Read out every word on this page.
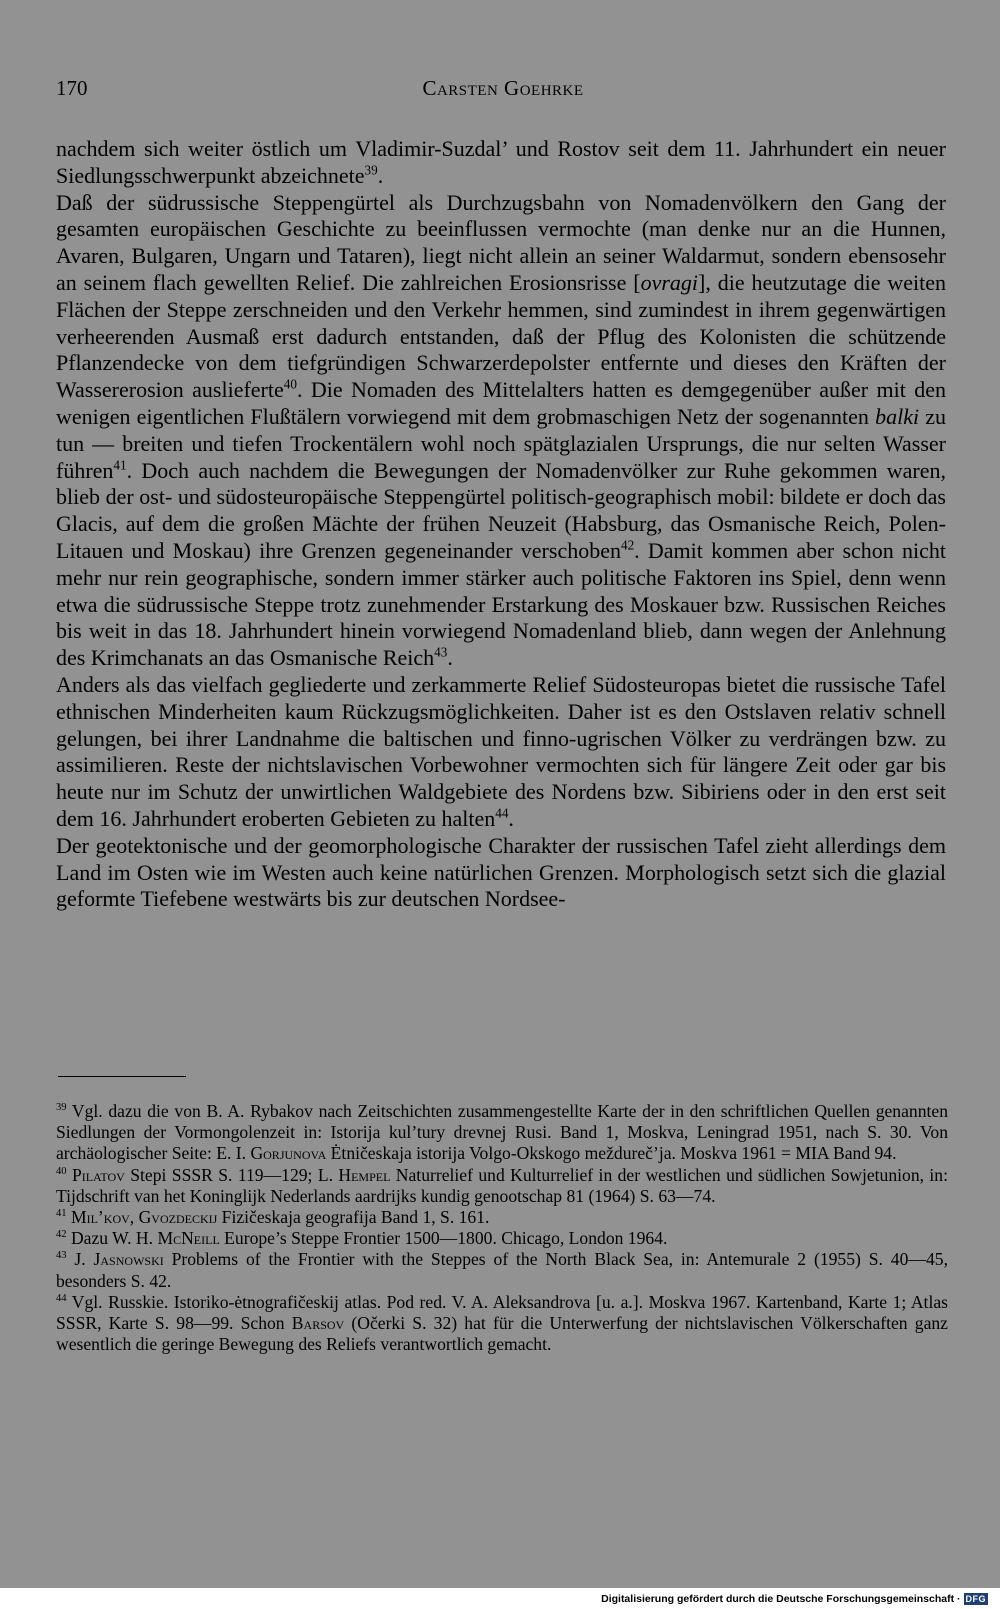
170	Carsten Goehrke

nachdem sich weiter östlich um Vladimir-Suzdal’ und Rostov seit dem 11. Jahrhundert ein neuer Siedlungsschwerpunkt abzeichnete$^{39}$.

Daß der südrussische Steppengürtel als Durchzugsbahn von Nomadenvölkern den Gang der gesamten europäischen Geschichte zu beeinflussen vermochte (man denke nur an die Hunnen, Avaren, Bulgaren, Ungarn und Tataren), liegt nicht allein an seiner Waldarmut, sondern ebensosehr an seinem flach gewellten Relief. Die zahlreichen Erosionsrisse [ovragi], die heutzutage die weiten Flächen der Steppe zerschneiden und den Verkehr hemmen, sind zumindest in ihrem gegenwärtigen verheerenden Ausmaß erst dadurch entstanden, daß der Pflug des Kolonisten die schützende Pflanzendecke von dem tiefgründigen Schwarzerdepolster entfernte und dieses den Kräften der Wassererosion auslieferte$^{40}$. Die Nomaden des Mittelalters hatten es demgegenüber außer mit den wenigen eigentlichen Flußtälern vorwiegend mit dem grobmaschigen Netz der sogenannten balki zu tun — breiten und tiefen Trockentälern wohl noch spätglazialen Ursprungs, die nur selten Wasser führen$^{41}$. Doch auch nachdem die Bewegungen der Nomadenvölker zur Ruhe gekommen waren, blieb der ost- und südosteuropäische Steppengürtel politisch-geographisch mobil: bildete er doch das Glacis, auf dem die großen Mächte der frühen Neuzeit (Habsburg, das Osmanische Reich, Polen-Litauen und Moskau) ihre Grenzen gegeneinander verschoben$^{42}$. Damit kommen aber schon nicht mehr nur rein geographische, sondern immer stärker auch politische Faktoren ins Spiel, denn wenn etwa die südrussische Steppe trotz zunehmender Erstarkung des Moskauer bzw. Russischen Reiches bis weit in das 18. Jahrhundert hinein vorwiegend Nomadenland blieb, dann wegen der Anlehnung des Krimchanats an das Osmanische Reich$^{43}$.

Anders als das vielfach gegliederte und zerkammerte Relief Südosteuropas bietet die russische Tafel ethnischen Minderheiten kaum Rückzugsmöglichkeiten. Daher ist es den Ostslaven relativ schnell gelungen, bei ihrer Landnahme die baltischen und finno-ugrischen Völker zu verdrängen bzw. zu assimilieren. Reste der nichtslavischen Vorbewohner vermochten sich für längere Zeit oder gar bis heute nur im Schutz der unwirtlichen Waldgebiete des Nordens bzw. Sibiriens oder in den erst seit dem 16. Jahrhundert eroberten Gebieten zu halten$^{44}$.

Der geotektonische und der geomorphologische Charakter der russischen Tafel zieht allerdings dem Land im Osten wie im Westen auch keine natürlichen Grenzen. Morphologisch setzt sich die glazial geformte Tiefebene westwärts bis zur deutschen Nordsee-

$^{39}$ Vgl. dazu die von B. A. Rybakov nach Zeitschichten zusammengestellte Karte der in den schriftlichen Quellen genannten Siedlungen der Vormongolenzeit in: Istorija kul’tury drevnej Rusi. Band 1, Moskva, Leningrad 1951, nach S. 30. Von archäologischer Seite: E. I. Gorjunova Ėtničeskaja istorija Volgo-Okskogo meždureč’ja. Moskva 1961 = MIA Band 94.

$^{40}$ Pilatov Stepi SSSR S. 119—129; L. Hempel Naturrelief und Kulturrelief in der westlichen und südlichen Sowjetunion, in: Tijdschrift van het Koninglijk Nederlands aardrijks kundig genootschap 81 (1964) S. 63—74.

$^{41}$ Mil’kov, Gvozdeckij Fizičeskaja geografija Band 1, S. 161.

$^{42}$ Dazu W. H. McNeill Europe’s Steppe Frontier 1500—1800. Chicago, London 1964.

$^{43}$ J. Jasnowski Problems of the Frontier with the Steppes of the North Black Sea, in: Antemurale 2 (1955) S. 40—45, besonders S. 42.

$^{44}$ Vgl. Russkie. Istoriko-ėtnografičeskij atlas. Pod red. V. A. Aleksandrova [u. a.]. Moskva 1967. Kartenband, Karte 1; Atlas SSSR, Karte S. 98—99. Schon Barsov (Očerki S. 32) hat für die Unterwerfung der nichtslavischen Völkerschaften ganz wesentlich die geringe Bewegung des Reliefs verantwortlich gemacht.

Digitalisierung gefördert durch die Deutsche Forschungsgemeinschaft · DFG
